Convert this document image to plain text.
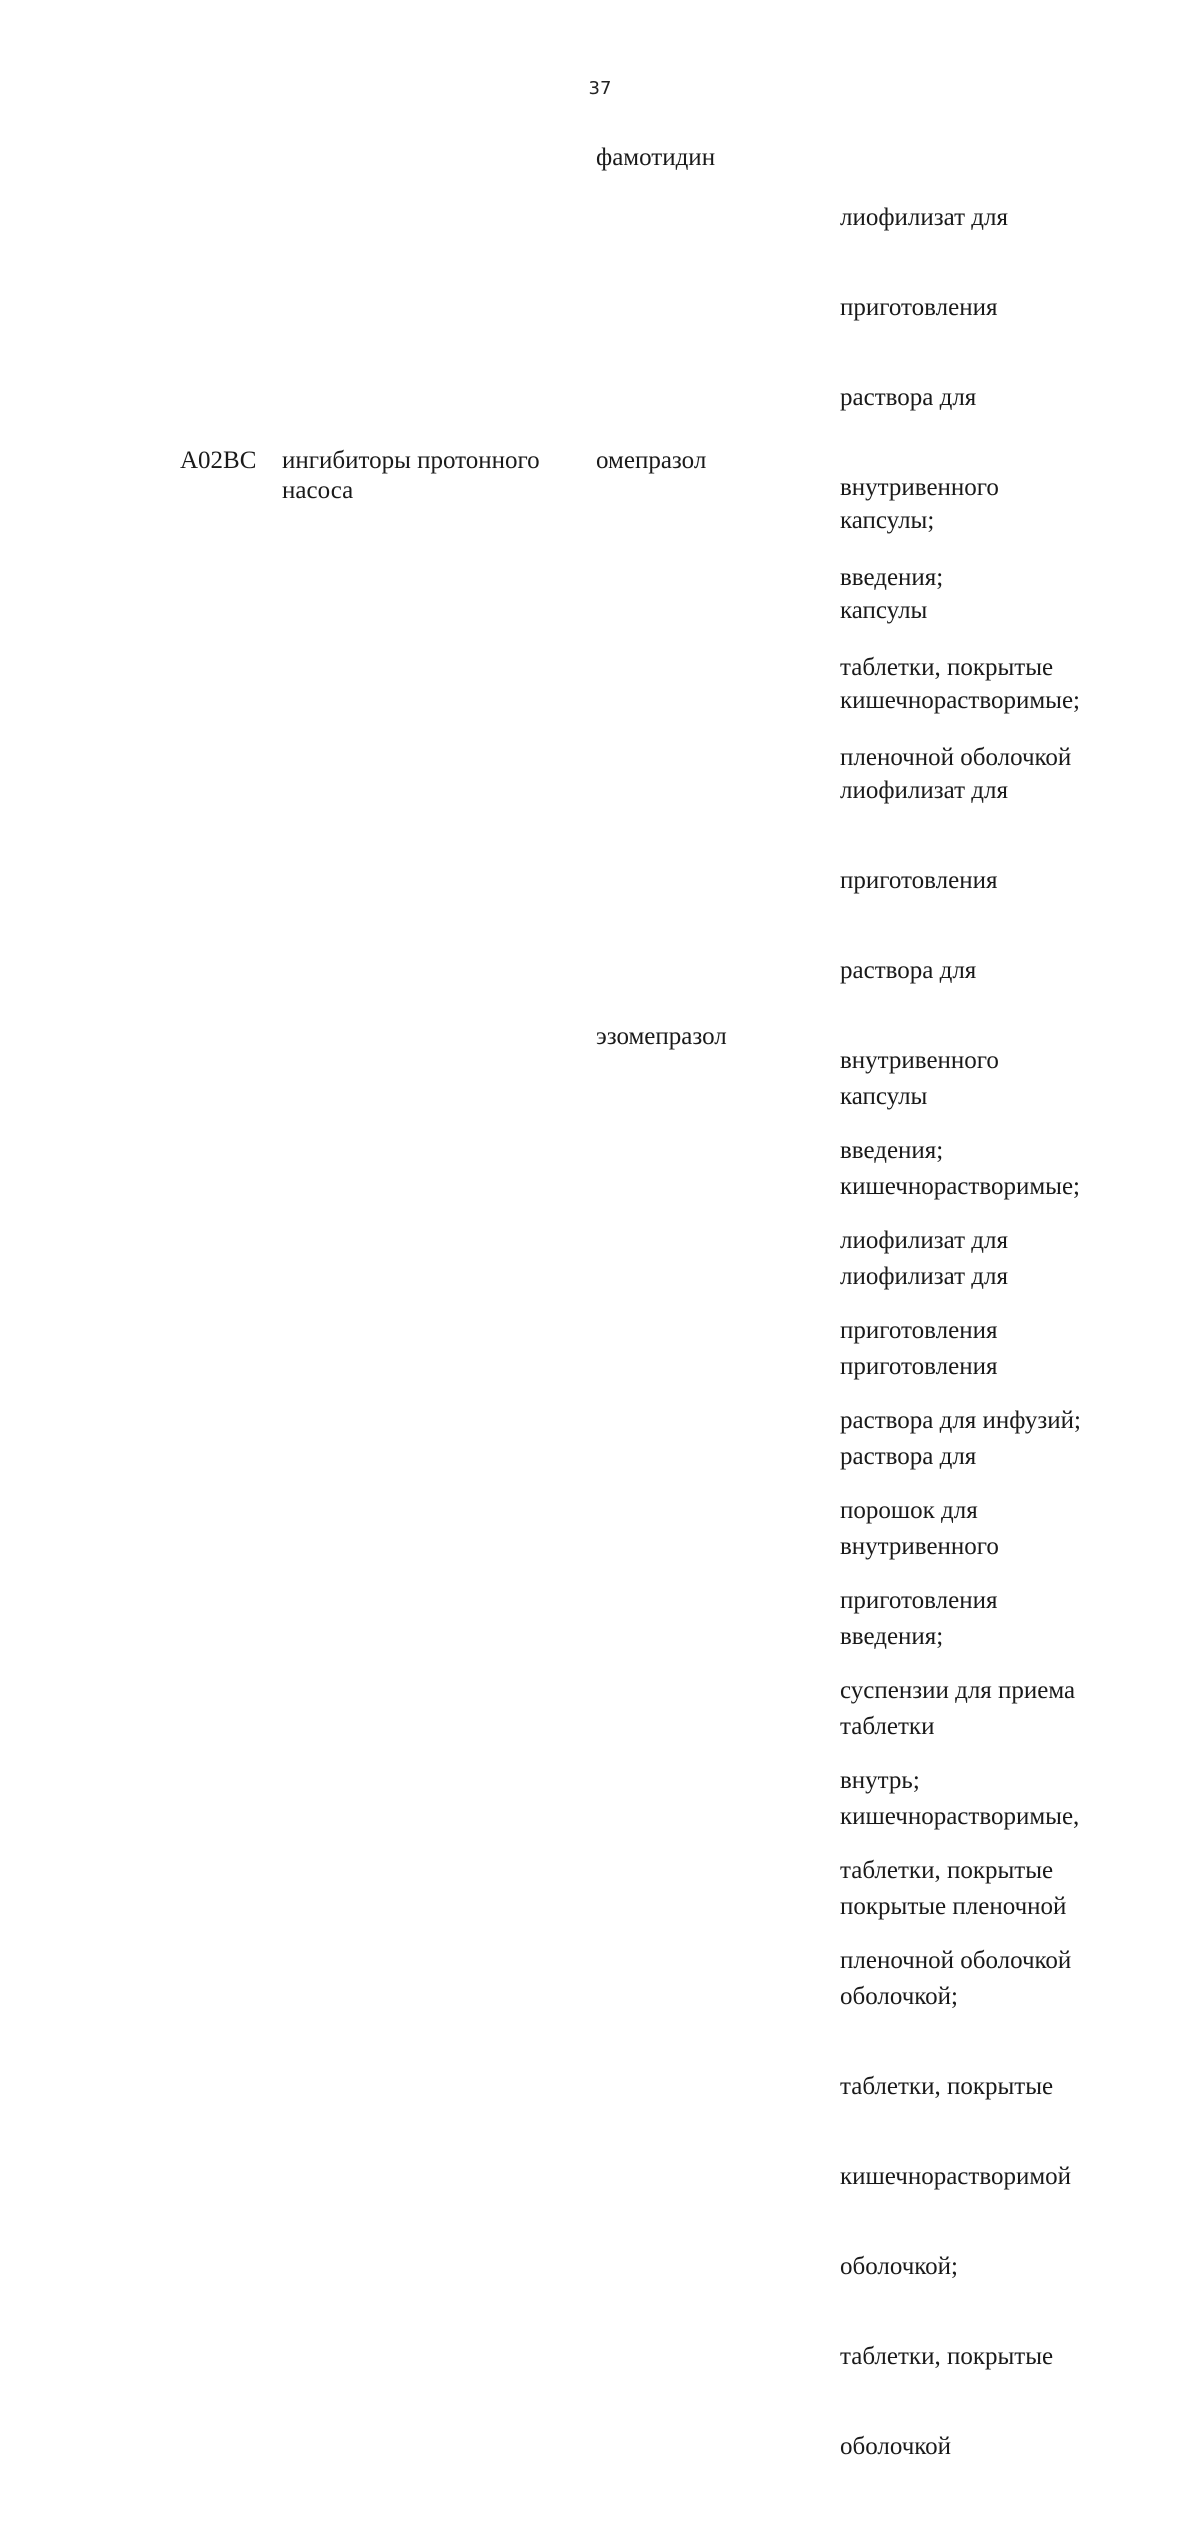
37
фамотидин

лиофилизат для

приготовления

раствора для

внутривенного

введения;

таблетки, покрытые

пленочной оболочкой

A02BC ингибиторы протонного насоса
омепразол

капсулы;

капсулы

кишечнорастворимые;

лиофилизат для

приготовления

раствора для

внутривенного

введения;

лиофилизат для

приготовления

раствора для инфузий;

порошок для

приготовления

суспензии для приема

внутрь;

таблетки, покрытые

пленочной оболочкой

эзомепразол

капсулы

кишечнорастворимые;

лиофилизат для

приготовления

раствора для

внутривенного

введения;

таблетки

кишечнорастворимые,

покрытые пленочной

оболочкой;

таблетки, покрытые

кишечнорастворимой

оболочкой;

таблетки, покрытые

оболочкой
